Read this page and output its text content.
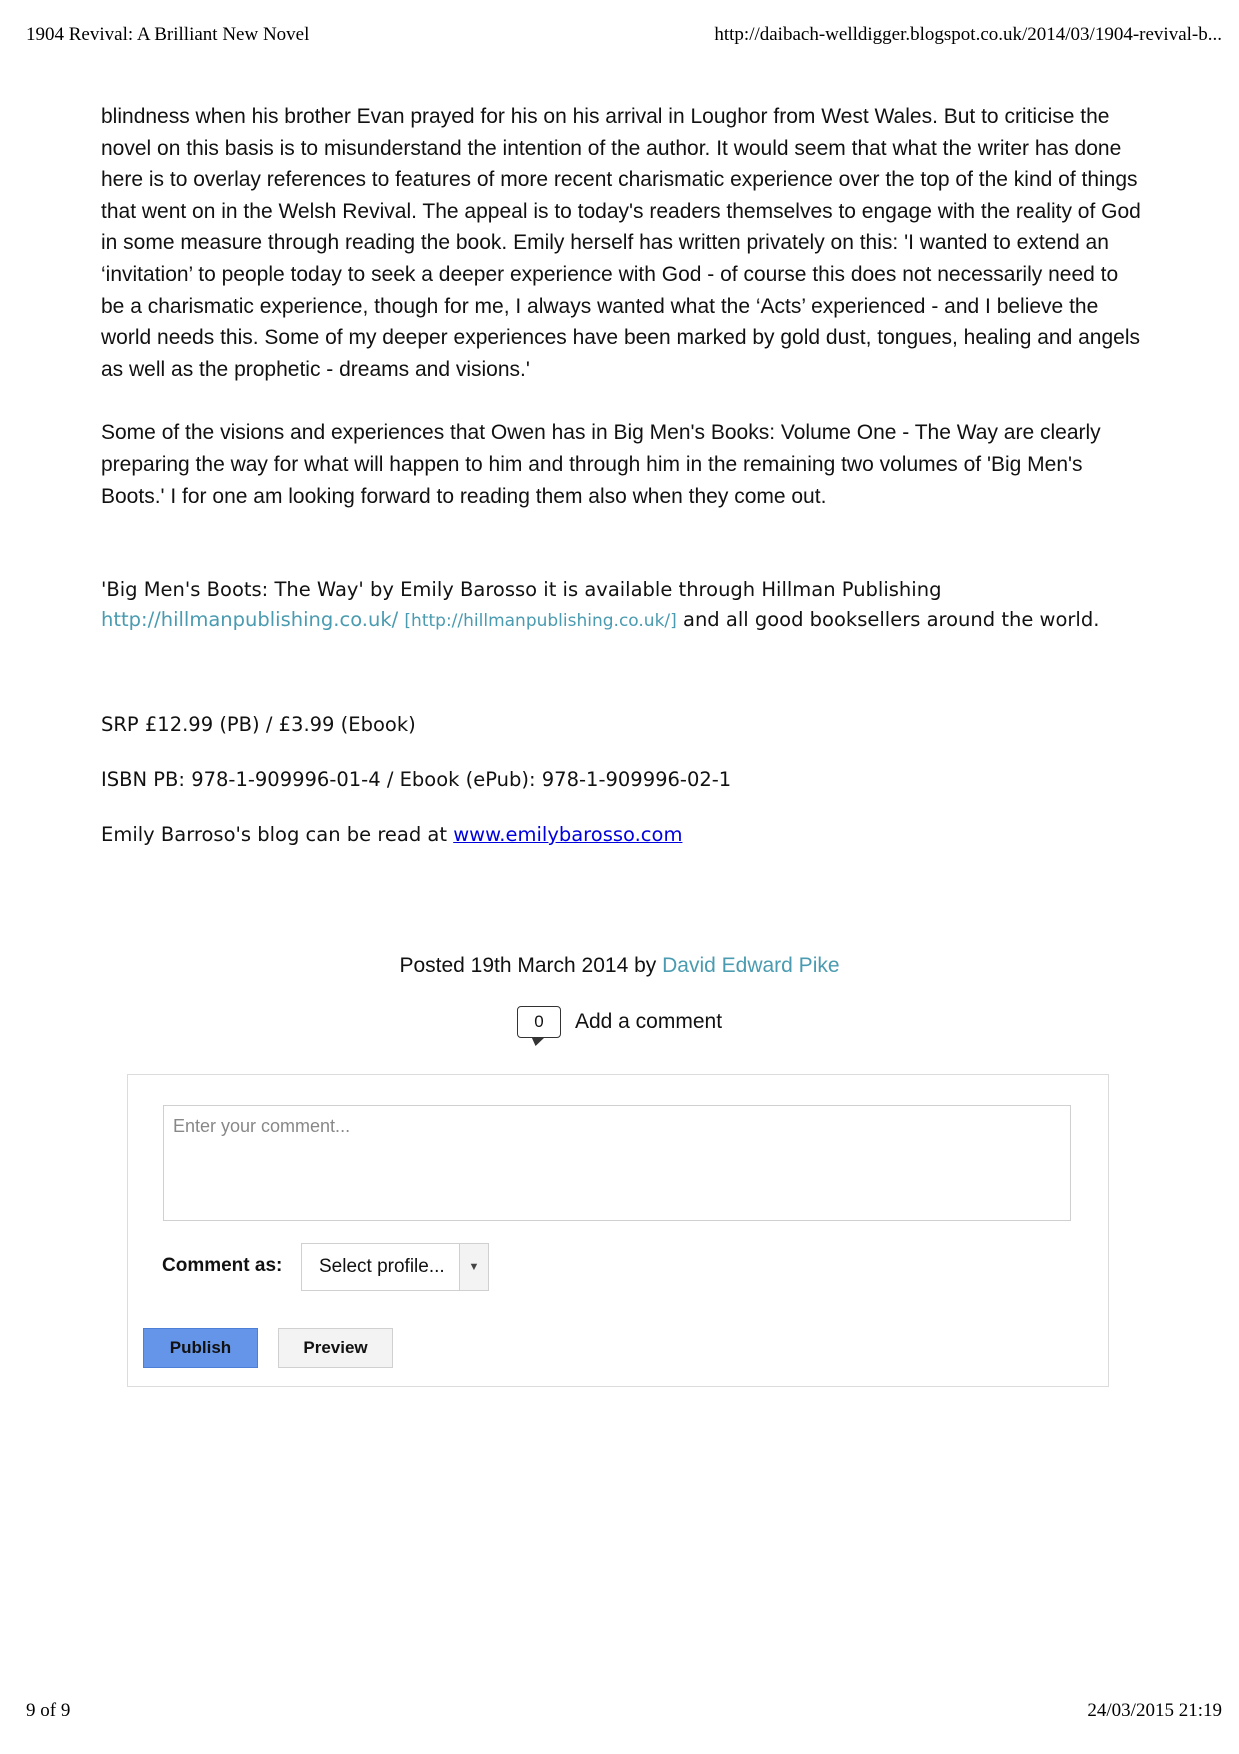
1904 Revival: A Brilliant New Novel	http://daibach-welldigger.blogspot.co.uk/2014/03/1904-revival-b...

blindness when his brother Evan prayed for his on his arrival in Loughor from West Wales. But to criticise the novel on this basis is to misunderstand the intention of the author. It would seem that what the writer has done here is to overlay references to features of more recent charismatic experience over the top of the kind of things that went on in the Welsh Revival. The appeal is to today's readers themselves to engage with the reality of God in some measure through reading the book. Emily herself has written privately on this: 'I wanted to extend an ‘invitation’ to people today to seek a deeper experience with God - of course this does not necessarily need to be a charismatic experience, though for me, I always wanted what the ‘Acts’ experienced - and I believe the world needs this. Some of my deeper experiences have been marked by gold dust, tongues, healing and angels as well as the prophetic - dreams and visions.'

Some of the visions and experiences that Owen has in Big Men's Books: Volume One - The Way are clearly preparing the way for what will happen to him and through him in the remaining two volumes of 'Big Men's Boots.' I for one am looking forward to reading them also when they come out.

'Big Men's Boots: The Way' by Emily Barosso it is available through Hillman Publishing http://hillmanpublishing.co.uk/ [http://hillmanpublishing.co.uk/] and all good booksellers around the world.
SRP £12.99 (PB) / £3.99 (Ebook)
ISBN PB: 978-1-909996-01-4 / Ebook (ePub): 978-1-909996-02-1
Emily Barroso's blog can be read at www.emilybarosso.com
Posted 19th March 2014 by David Edward Pike
0 Add a comment
Enter your comment...
Comment as:	Select profile...	▼
Publish	Preview
9 of 9	24/03/2015 21:19
